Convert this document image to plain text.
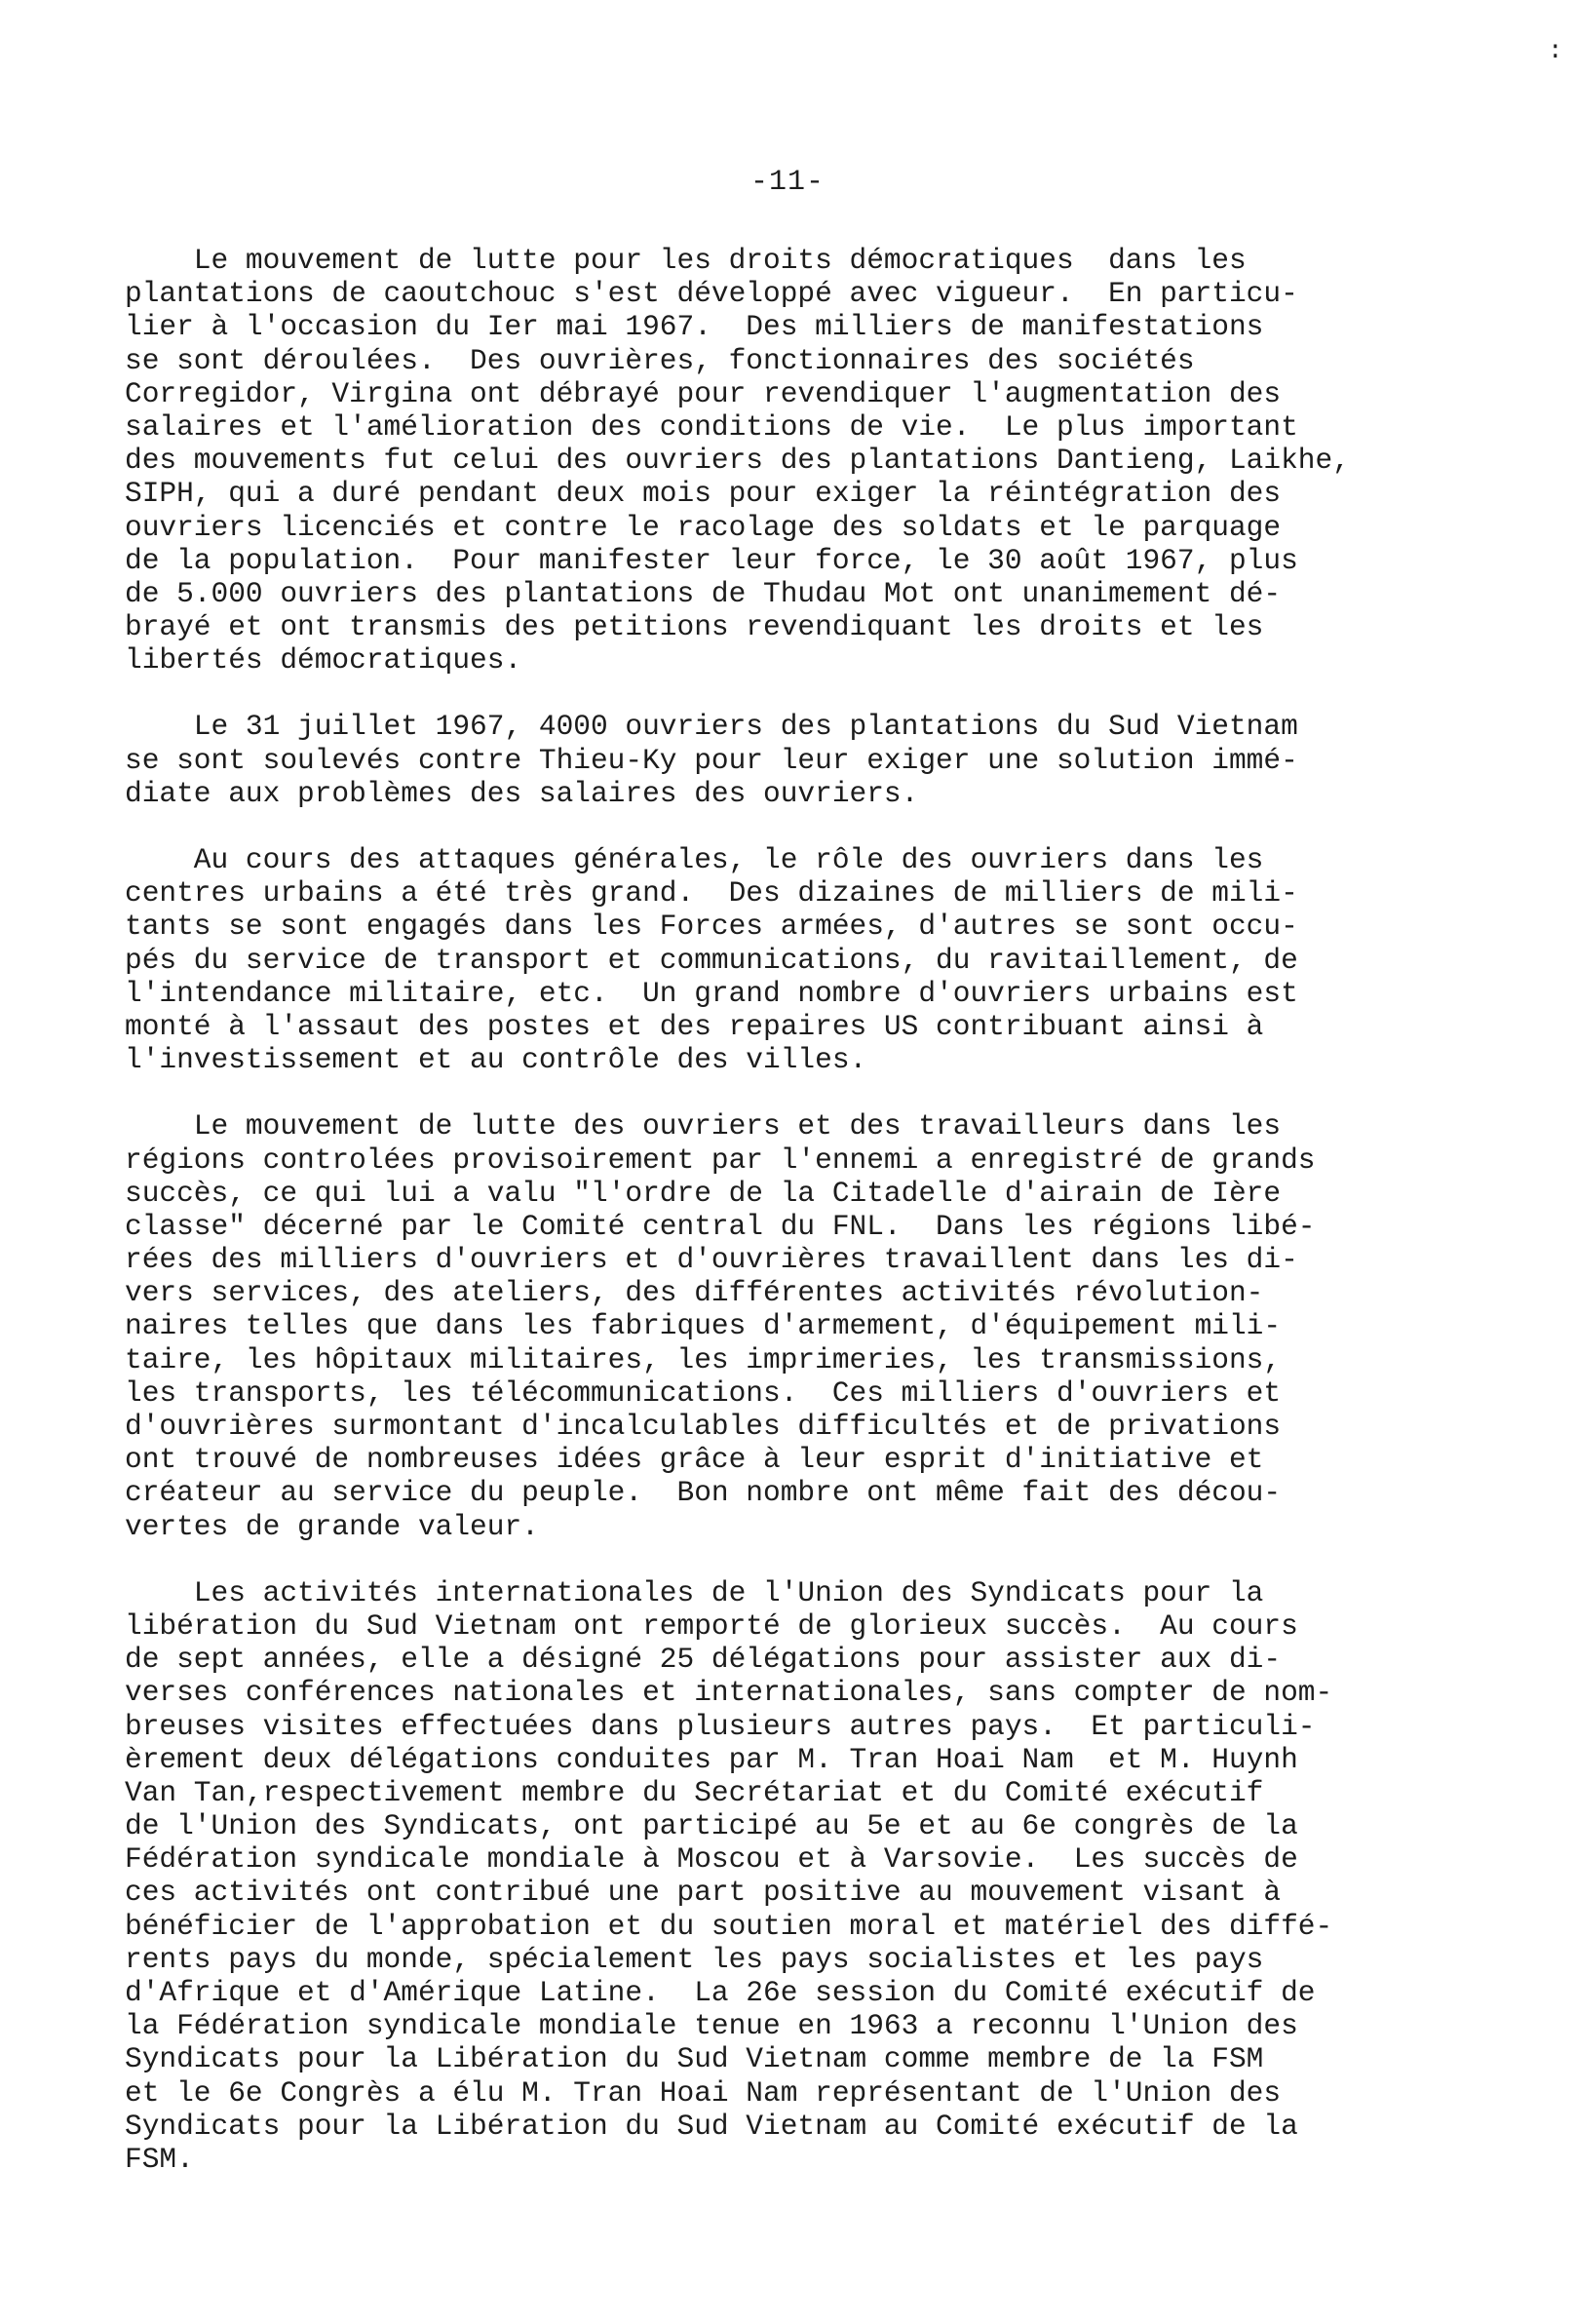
:
-11-
Le mouvement de lutte pour les droits démocratiques  dans les
plantations de caoutchouc s'est développé avec vigueur.  En particu-
lier à l'occasion du Ier mai 1967.  Des milliers de manifestations
se sont déroulées.  Des ouvrières, fonctionnaires des sociétés
Corregidor, Virgina ont débrayé pour revendiquer l'augmentation des
salaires et l'amélioration des conditions de vie.  Le plus important
des mouvements fut celui des ouvriers des plantations Dantieng, Laikhe,
SIPH, qui a duré pendant deux mois pour exiger la réintégration des
ouvriers licenciés et contre le racolage des soldats et le parquage
de la population.  Pour manifester leur force, le 30 août 1967, plus
de 5.000 ouvriers des plantations de Thudau Mot ont unanimement dé-
brayé et ont transmis des petitions revendiquant les droits et les
libertés démocratiques.
Le 31 juillet 1967, 4000 ouvriers des plantations du Sud Vietnam
se sont soulevés contre Thieu-Ky pour leur exiger une solution immé-
diate aux problèmes des salaires des ouvriers.
Au cours des attaques générales, le rôle des ouvriers dans les
centres urbains a été très grand.  Des dizaines de milliers de mili-
tants se sont engagés dans les Forces armées, d'autres se sont occu-
pés du service de transport et communications, du ravitaillement, de
l'intendance militaire, etc.  Un grand nombre d'ouvriers urbains est
monté à l'assaut des postes et des repaires US contribuant ainsi à
l'investissement et au contrôle des villes.
Le mouvement de lutte des ouvriers et des travailleurs dans les
régions controlées provisoirement par l'ennemi a enregistré de grands
succès, ce qui lui a valu "l'ordre de la Citadelle d'airain de Ière
classe" décerné par le Comité central du FNL.  Dans les régions libé-
rées des milliers d'ouvriers et d'ouvrières travaillent dans les di-
vers services, des ateliers, des différentes activités révolution-
naires telles que dans les fabriques d'armement, d'équipement mili-
taire, les hôpitaux militaires, les imprimeries, les transmissions,
les transports, les télécommunications.  Ces milliers d'ouvriers et
d'ouvrières surmontant d'incalculables difficultés et de privations
ont trouvé de nombreuses idées grâce à leur esprit d'initiative et
créateur au service du peuple.  Bon nombre ont même fait des décou-
vertes de grande valeur.
Les activités internationales de l'Union des Syndicats pour la
libération du Sud Vietnam ont remporté de glorieux succès.  Au cours
de sept années, elle a désigné 25 délégations pour assister aux di-
verses conférences nationales et internationales, sans compter de nom-
breuses visites effectuées dans plusieurs autres pays.  Et particuli-
èrement deux délégations conduites par M. Tran Hoai Nam  et M. Huynh
Van Tan,respectivement membre du Secrétariat et du Comité exécutif
de l'Union des Syndicats, ont participé au 5e et au 6e congrès de la
Fédération syndicale mondiale à Moscou et à Varsovie.  Les succès de
ces activités ont contribué une part positive au mouvement visant à
bénéficier de l'approbation et du soutien moral et matériel des diffé-
rents pays du monde, spécialement les pays socialistes et les pays
d'Afrique et d'Amérique Latine.  La 26e session du Comité exécutif de
la Fédération syndicale mondiale tenue en 1963 a reconnu l'Union des
Syndicats pour la Libération du Sud Vietnam comme membre de la FSM
et le 6e Congrès a élu M. Tran Hoai Nam représentant de l'Union des
Syndicats pour la Libération du Sud Vietnam au Comité exécutif de la
FSM.
